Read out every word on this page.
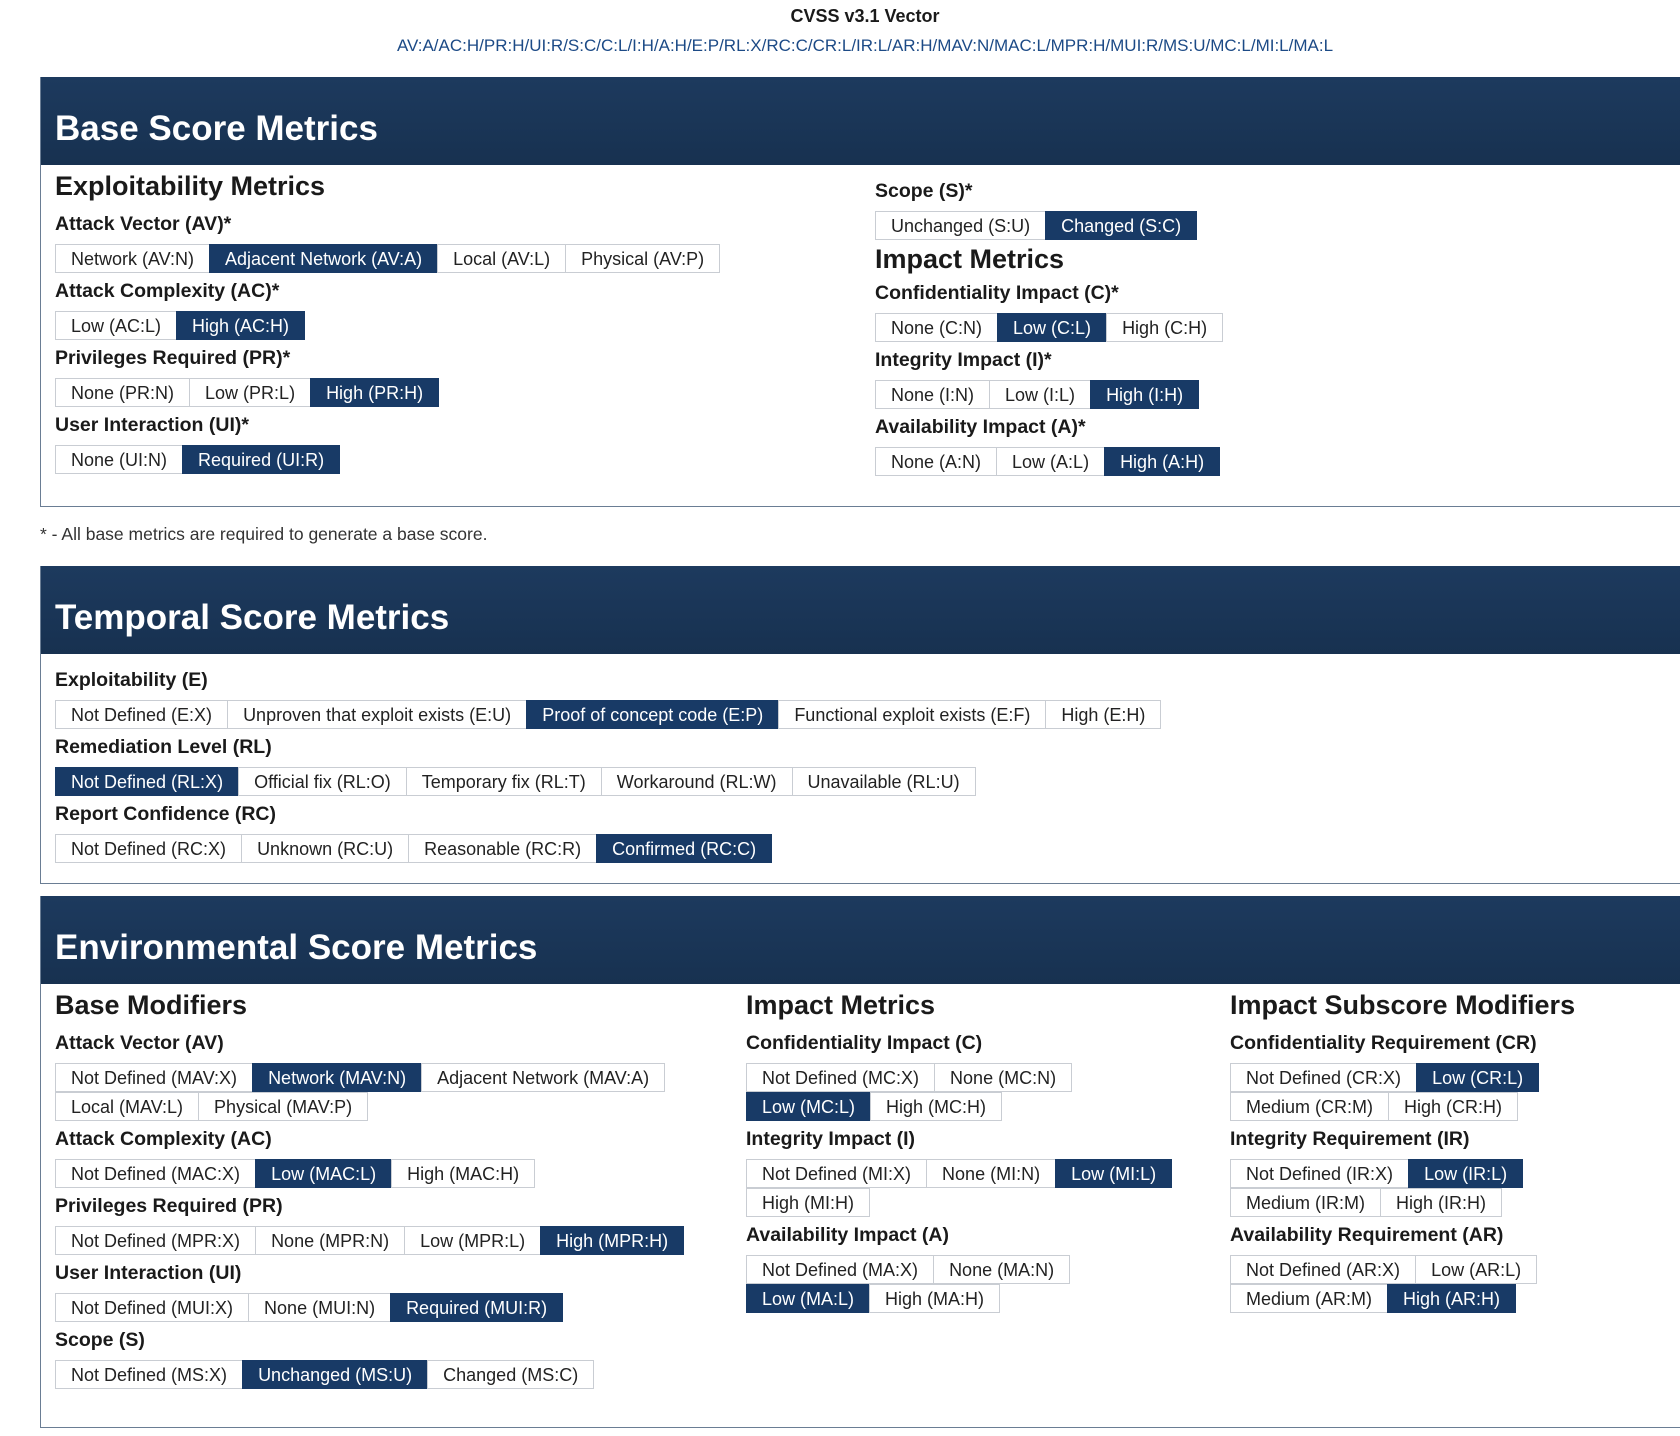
CVSS v3.1 Vector
AV:A/AC:H/PR:H/UI:R/S:C/C:L/I:H/A:H/E:P/RL:X/RC:C/CR:L/IR:L/AR:H/MAV:N/MAC:L/MPR:H/MUI:R/MS:U/MC:L/MI:L/MA:L
Base Score Metrics
Exploitability Metrics
Attack Vector (AV)*
Network (AV:N)	Adjacent Network (AV:A)	Local (AV:L)	Physical (AV:P)
Attack Complexity (AC)*
Low (AC:L)	High (AC:H)
Privileges Required (PR)*
None (PR:N)	Low (PR:L)	High (PR:H)
User Interaction (UI)*
None (UI:N)	Required (UI:R)
Scope (S)*
Unchanged (S:U)	Changed (S:C)
Impact Metrics
Confidentiality Impact (C)*
None (C:N)	Low (C:L)	High (C:H)
Integrity Impact (I)*
None (I:N)	Low (I:L)	High (I:H)
Availability Impact (A)*
None (A:N)	Low (A:L)	High (A:H)
* - All base metrics are required to generate a base score.
Temporal Score Metrics
Exploitability (E)
Not Defined (E:X)	Unproven that exploit exists (E:U)	Proof of concept code (E:P)	Functional exploit exists (E:F)	High (E:H)
Remediation Level (RL)
Not Defined (RL:X)	Official fix (RL:O)	Temporary fix (RL:T)	Workaround (RL:W)	Unavailable (RL:U)
Report Confidence (RC)
Not Defined (RC:X)	Unknown (RC:U)	Reasonable (RC:R)	Confirmed (RC:C)
Environmental Score Metrics
Base Modifiers
Attack Vector (AV)
Not Defined (MAV:X)	Network (MAV:N)	Adjacent Network (MAV:A)
Local (MAV:L)	Physical (MAV:P)
Attack Complexity (AC)
Not Defined (MAC:X)	Low (MAC:L)	High (MAC:H)
Privileges Required (PR)
Not Defined (MPR:X)	None (MPR:N)	Low (MPR:L)	High (MPR:H)
User Interaction (UI)
Not Defined (MUI:X)	None (MUI:N)	Required (MUI:R)
Scope (S)
Not Defined (MS:X)	Unchanged (MS:U)	Changed (MS:C)
Impact Metrics
Confidentiality Impact (C)
Not Defined (MC:X)	None (MC:N)
Low (MC:L)	High (MC:H)
Integrity Impact (I)
Not Defined (MI:X)	None (MI:N)	Low (MI:L)
High (MI:H)
Availability Impact (A)
Not Defined (MA:X)	None (MA:N)
Low (MA:L)	High (MA:H)
Impact Subscore Modifiers
Confidentiality Requirement (CR)
Not Defined (CR:X)	Low (CR:L)
Medium (CR:M)	High (CR:H)
Integrity Requirement (IR)
Not Defined (IR:X)	Low (IR:L)
Medium (IR:M)	High (IR:H)
Availability Requirement (AR)
Not Defined (AR:X)	Low (AR:L)
Medium (AR:M)	High (AR:H)
